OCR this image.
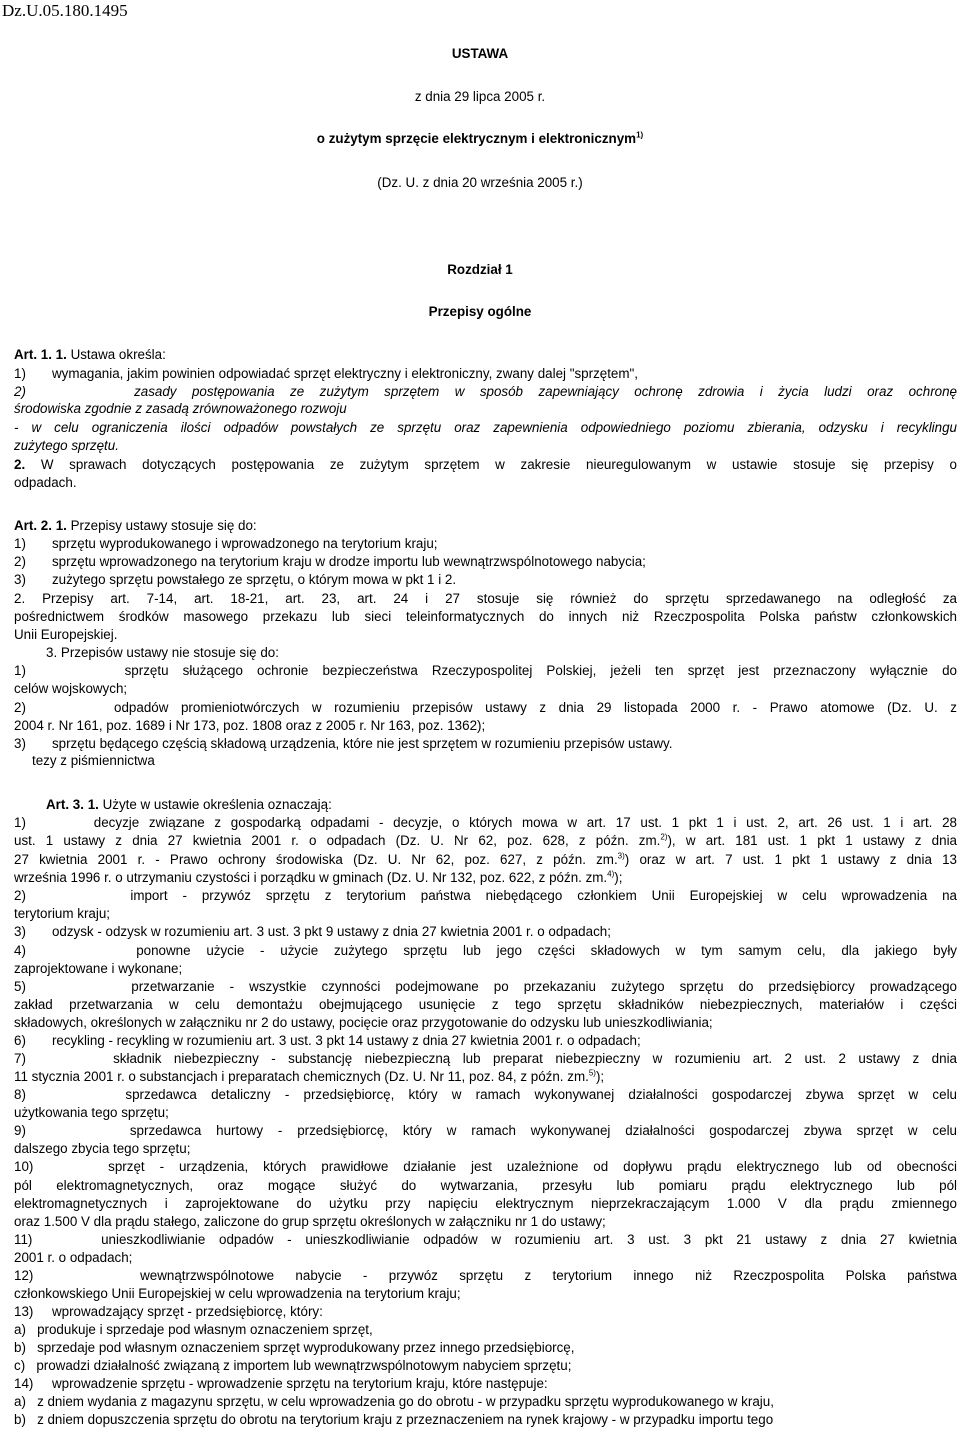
Dz.U.05.180.1495
USTAWA
z dnia 29 lipca 2005 r.
o zużytym sprzęcie elektrycznym i elektronicznym$^{1)}$
(Dz. U. z dnia 20 września 2005 r.)
Rozdział 1
Przepisy ogólne
Art. 1. 1. Ustawa określa:
1)       wymagania, jakim powinien odpowiadać sprzęt elektryczny i elektroniczny, zwany dalej "sprzętem",
2)       zasady postępowania ze zużytym sprzętem w sposób zapewniający ochronę zdrowia i życia ludzi oraz ochronę
środowiska zgodnie z zasadą zrównoważonego rozwoju
- w celu ograniczenia ilości odpadów powstałych ze sprzętu oraz zapewnienia odpowiedniego poziomu zbierania, odzysku i recyklingu
zużytego sprzętu.
2. W sprawach dotyczących postępowania ze zużytym sprzętem w zakresie nieuregulowanym w ustawie stosuje się przepisy o
odpadach.
Art. 2. 1. Przepisy ustawy stosuje się do:
1)       sprzętu wyprodukowanego i wprowadzonego na terytorium kraju;
2)       sprzętu wprowadzonego na terytorium kraju w drodze importu lub wewnątrzwspólnotowego nabycia;
3)       zużytego sprzętu powstałego ze sprzętu, o którym mowa w pkt 1 i 2.
2. Przepisy art. 7-14, art. 18-21, art. 23, art. 24 i 27 stosuje się również do sprzętu sprzedawanego na odległość za
pośrednictwem środków masowego przekazu lub sieci teleinformatycznych do innych niż Rzeczpospolita Polska państw członkowskich
Unii Europejskiej.
3. Przepisów ustawy nie stosuje się do:
1)       sprzętu służącego ochronie bezpieczeństwa Rzeczypospolitej Polskiej, jeżeli ten sprzęt jest przeznaczony wyłącznie do
celów wojskowych;
2)       odpadów promieniotwórczych w rozumieniu przepisów ustawy z dnia 29 listopada 2000 r. - Prawo atomowe (Dz. U. z
2004 r. Nr 161, poz. 1689 i Nr 173, poz. 1808 oraz z 2005 r. Nr 163, poz. 1362);
3)       sprzętu będącego częścią składową urządzenia, które nie jest sprzętem w rozumieniu przepisów ustawy.
tezy z piśmiennictwa
Art. 3. 1. Użyte w ustawie określenia oznaczają:
1)       decyzje związane z gospodarką odpadami - decyzje, o których mowa w art. 17 ust. 1 pkt 1 i ust. 2, art. 26 ust. 1 i art. 28
ust. 1 ustawy z dnia 27 kwietnia 2001 r. o odpadach (Dz. U. Nr 62, poz. 628, z późn. zm.$^{2)}$), w art. 181 ust. 1 pkt 1 ustawy z dnia
27 kwietnia 2001 r. - Prawo ochrony środowiska (Dz. U. Nr 62, poz. 627, z późn. zm.$^{3)}$) oraz w art. 7 ust. 1 pkt 1 ustawy z dnia 13
września 1996 r. o utrzymaniu czystości i porządku w gminach (Dz. U. Nr 132, poz. 622, z późn. zm.$^{4)}$);
2)       import - przywóz sprzętu z terytorium państwa niebędącego członkiem Unii Europejskiej w celu wprowadzenia na
terytorium kraju;
3)       odzysk - odzysk w rozumieniu art. 3 ust. 3 pkt 9 ustawy z dnia 27 kwietnia 2001 r. o odpadach;
4)       ponowne użycie - użycie zużytego sprzętu lub jego części składowych w tym samym celu, dla jakiego były
zaprojektowane i wykonane;
5)       przetwarzanie - wszystkie czynności podejmowane po przekazaniu zużytego sprzętu do przedsiębiorcy prowadzącego
zakład przetwarzania w celu demontażu obejmującego usunięcie z tego sprzętu składników niebezpiecznych, materiałów i części
składowych, określonych w załączniku nr 2 do ustawy, pocięcie oraz przygotowanie do odzysku lub unieszkodliwiania;
6)       recykling - recykling w rozumieniu art. 3 ust. 3 pkt 14 ustawy z dnia 27 kwietnia 2001 r. o odpadach;
7)       składnik niebezpieczny - substancję niebezpieczną lub preparat niebezpieczny w rozumieniu art. 2 ust. 2 ustawy z dnia
11 stycznia 2001 r. o substancjach i preparatach chemicznych (Dz. U. Nr 11, poz. 84, z późn. zm.$^{5)}$);
8)       sprzedawca detaliczny - przedsiębiorcę, który w ramach wykonywanej działalności gospodarczej zbywa sprzęt w celu
użytkowania tego sprzętu;
9)       sprzedawca hurtowy - przedsiębiorcę, który w ramach wykonywanej działalności gospodarczej zbywa sprzęt w celu
dalszego zbycia tego sprzętu;
10)     sprzęt - urządzenia, których prawidłowe działanie jest uzależnione od dopływu prądu elektrycznego lub od obecności
pól elektromagnetycznych, oraz mogące służyć do wytwarzania, przesyłu lub pomiaru prądu elektrycznego lub pól
elektromagnetycznych i zaprojektowane do użytku przy napięciu elektrycznym nieprzekraczającym 1.000 V dla prądu zmiennego
oraz 1.500 V dla prądu stałego, zaliczone do grup sprzętu określonych w załączniku nr 1 do ustawy;
11)     unieszkodliwianie odpadów - unieszkodliwianie odpadów w rozumieniu art. 3 ust. 3 pkt 21 ustawy z dnia 27 kwietnia
2001 r. o odpadach;
12)     wewnątrzwspólnotowe nabycie - przywóz sprzętu z terytorium innego niż Rzeczpospolita Polska państwa
członkowskiego Unii Europejskiej w celu wprowadzenia na terytorium kraju;
13)     wprowadzający sprzęt - przedsiębiorcę, który:
a)   produkuje i sprzedaje pod własnym oznaczeniem sprzęt,
b)   sprzedaje pod własnym oznaczeniem sprzęt wyprodukowany przez innego przedsiębiorcę,
c)   prowadzi działalność związaną z importem lub wewnątrzwspólnotowym nabyciem sprzętu;
14)     wprowadzenie sprzętu - wprowadzenie sprzętu na terytorium kraju, które następuje:
a)   z dniem wydania z magazynu sprzętu, w celu wprowadzenia go do obrotu - w przypadku sprzętu wyprodukowanego w kraju,
b)   z dniem dopuszczenia sprzętu do obrotu na terytorium kraju z przeznaczeniem na rynek krajowy - w przypadku importu tego
